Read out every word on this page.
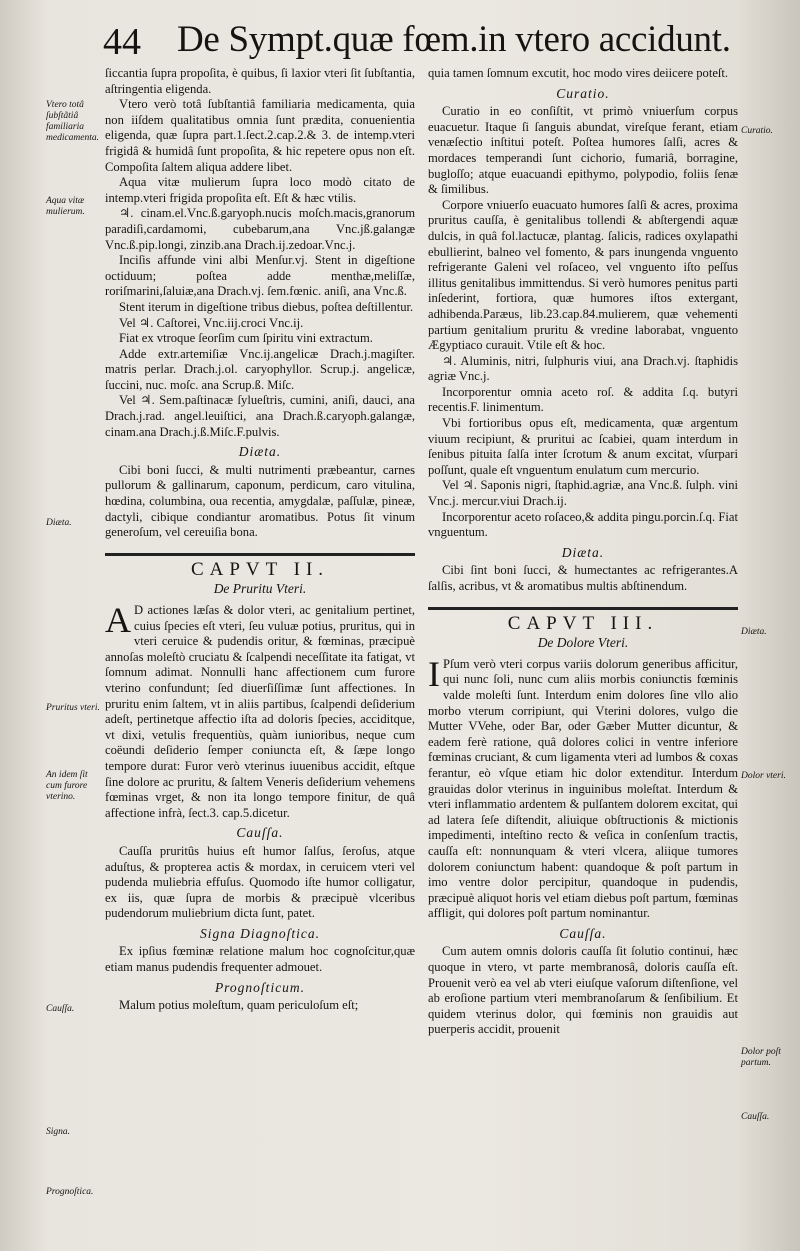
44 De Sympt.quæ fœm.in vtero accidunt.

ſiccantia ſupra propoſita, è quibus, ſi laxior vteri ſit ſubſtantia, aſtringentia eligenda.

Vtero verò totâ ſubſtantiâ familiaria medicamenta, quia non iiſdem qualitatibus omnia ſunt prædita, conuenientia eligenda, quæ ſupra part.1.ſect.2.cap.2.& 3. de intemp.vteri frigidâ & humidâ ſunt propoſita, & hic repetere opus non eſt. Compoſita ſaltem aliqua addere libet.

Aqua vitæ mulierum ſupra loco modò citato de intemp.vteri frigida propoſita eſt. Eſt & hæc vtilis.

♃. cinam.el.Vnc.ß.garyoph.nucis moſch.macis,granorum paradiſi,cardamomi, cubebarum,ana Vnc.jß.galangæ Vnc.ß.pip.longi, zinzib.ana Drach.ij.zedoar.Vnc.j.

Inciſis affunde vini albi Menſur.vj. Stent in digeſtione octiduum; poſtea adde menthæ,meliſſæ, roriſmarini,ſaluiæ,ana Drach.vj. ſem.fœnic. aniſi, ana Vnc.ß.

Stent iterum in digeſtione tribus diebus, poſtea deſtillentur.

Vel ♃. Caſtorei, Vnc.iij.croci Vnc.ij.

Fiat ex vtroque ſeorſim cum ſpiritu vini extractum.

Adde extr.artemiſiæ Vnc.ij.angelicæ Drach.j.magiſter. matris perlar. Drach.j.ol. caryophyllor. Scrup.j. angelicæ, ſuccini, nuc. moſc. ana Scrup.ß. Miſc.

Vel ♃. Sem.paſtinacæ ſylueſtris, cumini, aniſi, dauci, ana Drach.j.rad. angel.leuiſtici, ana Drach.ß.caryoph.galangæ, cinam.ana Drach.j.ß.Miſc.F.pulvis.

Diæta.

Cibi boni ſucci, & multi nutrimenti præbeantur, carnes pullorum & gallinarum, caponum, perdicum, caro vitulina, hœdina, columbina, oua recentia, amygdalæ, paſſulæ, pineæ, dactyli, cibique condiantur aromatibus. Potus ſit vinum generoſum, vel cereuiſia bona.

CAPVT II.
De Pruritu Vteri.

A D actiones læſas & dolor vteri, ac genitalium pertinet, cuius ſpecies eſt vteri, ſeu vuluæ potius, pruritus, qui in vteri ceruice & pudendis oritur, & fœminas, præcipuè annoſas moleſtò cruciatu & ſcalpendi neceſſitate ita fatigat, vt ſomnum adimat. Nonnulli hanc affectionem cum furore vterino confundunt; ſed diuerſiſſimæ ſunt affectiones. In pruritu enim ſaltem, vt in aliis partibus, ſcalpendi deſiderium adeſt, pertinetque affectio iſta ad doloris ſpecies, acciditque, vt dixi, vetulis frequentiùs, quàm iunioribus, neque cum coëundi deſiderio ſemper coniuncta eſt, & ſæpe longo tempore durat: Furor verò vterinus iuuenibus accidit, eſtque ſine dolore ac pruritu, & ſaltem Veneris deſiderium vehemens fœminas vrget, & non ita longo tempore finitur, de quâ affectione infrà, ſect.3. cap.5.dicetur.

Cauſſa.

Cauſſa pruritûs huius eſt humor ſalſus, ſeroſus, atque aduſtus, & propterea actis & mordax, in ceruicem vteri vel pudenda muliebria effuſus. Quomodo iſte humor colligatur, ex iis, quæ ſupra de morbis & præcipuè vlceribus pudendorum muliebrium dicta ſunt, patet.

Signa Diagnoſtica.

Ex ipſius fœminæ relatione malum hoc cognoſcitur,quæ etiam manus pudendis frequenter admouet.

Prognoſticum.

Malum potius moleſtum, quam periculoſum eſt;

quia tamen ſomnum excutit, hoc modo vires deiicere poteſt.

Curatio.

Curatio in eo conſiſtit, vt primò vniuerſum corpus euacuetur. Itaque ſi ſanguis abundat, vireſque ferant, etiam venæſectio inſtitui poteſt. Poſtea humores ſalſi, acres & mordaces temperandi ſunt cichorio, fumariâ, borragine, bugloſſo; atque euacuandi epithymo, polypodio, foliis ſenæ & ſimilibus.

Corpore vniuerſo euacuato humores ſalſi & acres, proxima pruritus cauſſa, è genitalibus tollendi & abſtergendi aquæ dulcis, in quâ fol.lactucæ, plantag. ſalicis, radices oxylapathi ebullierint, balneo vel fomento, & pars inungenda vnguento refrigerante Galeni vel roſaceo, vel vnguento iſto peſſus illitus genitalibus immittendus. Si verò humores penitus parti inſederint, fortiora, quæ humores iſtos extergant, adhibenda.Paræus, lib.23.cap.84.mulierem, quæ vehementi partium genitalium pruritu & vredine laborabat, vnguento Ægyptiaco curauit. Vtile eſt & hoc.

♃. Aluminis, nitri, ſulphuris viui, ana Drach.vj. ſtaphidis agriæ Vnc.j.

Incorporentur omnia aceto roſ. & addita ſ.q. butyri recentis.F. linimentum.

Vbi fortioribus opus eſt, medicamenta, quæ argentum viuum recipiunt, & pruritui ac ſcabiei, quam interdum in ſenibus pituita ſalſa inter ſcrotum & anum excitat, vſurpari poſſunt, quale eſt vnguentum enulatum cum mercurio.

Vel ♃. Saponis nigri, ſtaphid.agriæ, ana Vnc.ß. ſulph. vini Vnc.j. mercur.viui Drach.ij.

Incorporentur aceto roſaceo,& addita pingu.porcin.ſ.q. Fiat vnguentum.

Diæta.

Cibi ſint boni ſucci, & humectantes ac refrigerantes.A ſalſis, acribus, vt & aromatibus multis abſtinendum.

CAPVT III.
De Dolore Vteri.

I Pſum verò vteri corpus variis dolorum generibus afficitur, qui nunc ſoli, nunc cum aliis morbis coniunctis fœminis valde moleſti ſunt. Interdum enim dolores ſine vllo alio morbo vterum corripiunt, qui Vterini dolores, vulgo die Mutter VVehe, oder Bar, oder Gæber Mutter dicuntur, & eadem ferè ratione, quâ dolores colici in ventre inferiore fœminas cruciant, & cum ligamenta vteri ad lumbos & coxas ferantur, eò vſque etiam hic dolor extenditur. Interdum grauidas dolor vterinus in inguinibus moleſtat. Interdum & vteri inflammatio ardentem & pulſantem dolorem excitat, qui ad latera ſeſe diſtendit, aliuique obſtructionis & mictionis impedimenti, inteſtino recto & veſica in conſenſum tractis, cauſſa eſt: nonnunquam & vteri vlcera, aliique tumores dolorem coniunctum habent: quandoque & poſt partum in imo ventre dolor percipitur, quandoque in pudendis, præcipuè aliquot horis vel etiam diebus poſt partum, fœminas affligit, qui dolores poſt partum nominantur.

Cauſſa.

Cum autem omnis doloris cauſſa ſit ſolutio continui, hæc quoque in vtero, vt parte membranosâ, doloris cauſſa eſt. Prouenit verò ea vel ab vteri eiuſque vaſorum diſtenſione, vel ab eroſione partium vteri membranoſarum & ſenſibilium. Et quidem vterinus dolor, qui fœminis non grauidis aut puerperis accidit, prouenit

Vtero totâ ſubſtãtiâ familiaria medicamenta.
Aqua vitæ mulierum.
Diæta.
Pruritus vteri.
An idem ſit cum furore vterino.
Cauſſa.
Signa.
Prognoſtica.
Curatio.
Diæta.
Dolor vteri.
Dolor poſt partum.
Cauſſa.
